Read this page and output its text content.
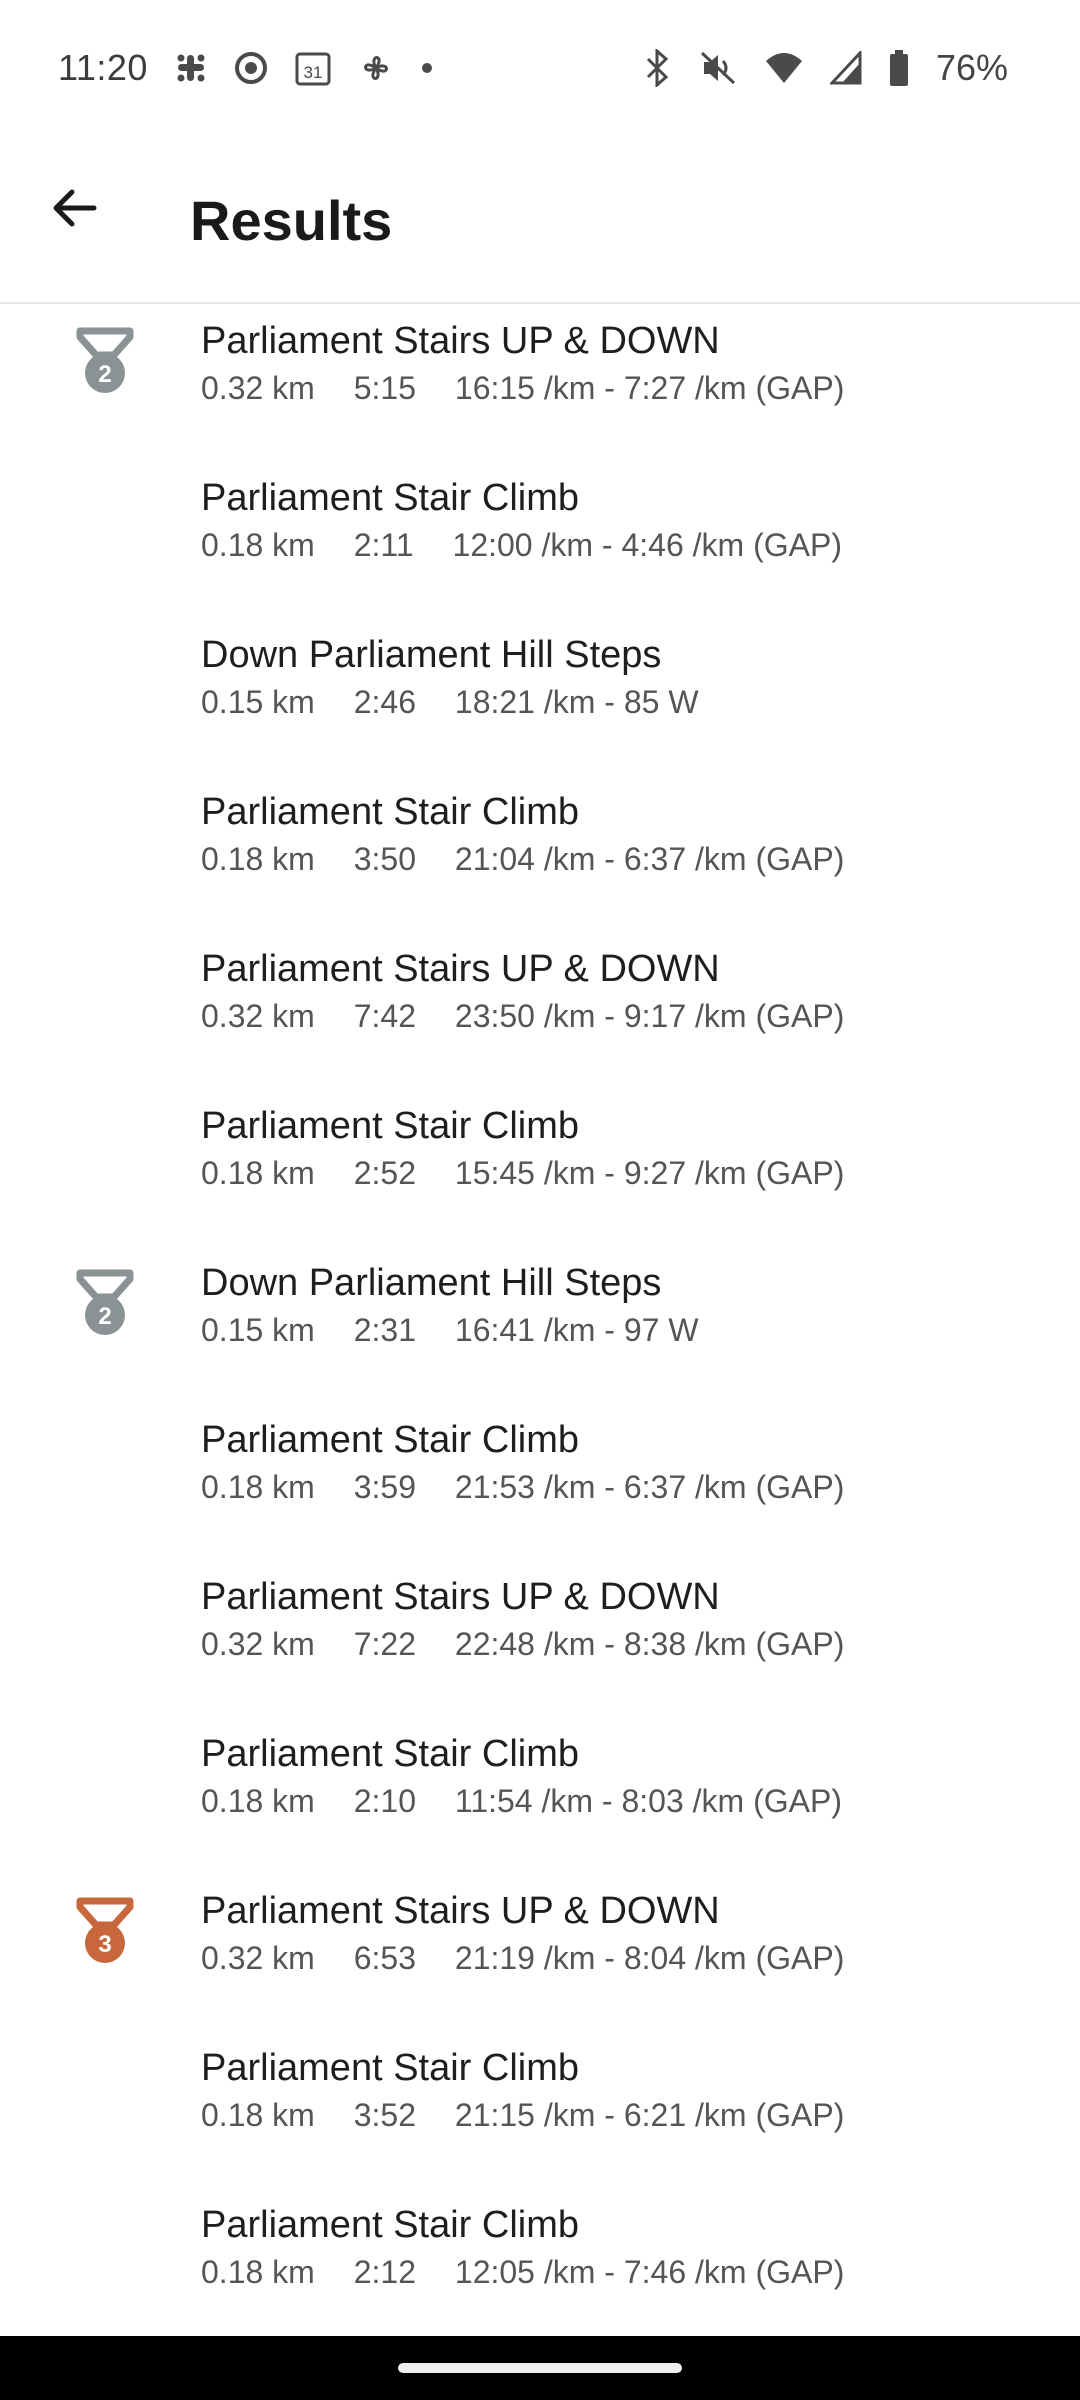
11:20	31	76%
Results
2
Parliament Stairs UP & DOWN
0.32 km 5:15 16:15 /km - 7:27 /km (GAP)
Parliament Stair Climb
0.18 km 2:11 12:00 /km - 4:46 /km (GAP)
Down Parliament Hill Steps
0.15 km 2:46 18:21 /km - 85 W
Parliament Stair Climb
0.18 km 3:50 21:04 /km - 6:37 /km (GAP)
Parliament Stairs UP & DOWN
0.32 km 7:42 23:50 /km - 9:17 /km (GAP)
Parliament Stair Climb
0.18 km 2:52 15:45 /km - 9:27 /km (GAP)
2
Down Parliament Hill Steps
0.15 km 2:31 16:41 /km - 97 W
Parliament Stair Climb
0.18 km 3:59 21:53 /km - 6:37 /km (GAP)
Parliament Stairs UP & DOWN
0.32 km 7:22 22:48 /km - 8:38 /km (GAP)
Parliament Stair Climb
0.18 km 2:10 11:54 /km - 8:03 /km (GAP)
3
Parliament Stairs UP & DOWN
0.32 km 6:53 21:19 /km - 8:04 /km (GAP)
Parliament Stair Climb
0.18 km 3:52 21:15 /km - 6:21 /km (GAP)
Parliament Stair Climb
0.18 km 2:12 12:05 /km - 7:46 /km (GAP)
